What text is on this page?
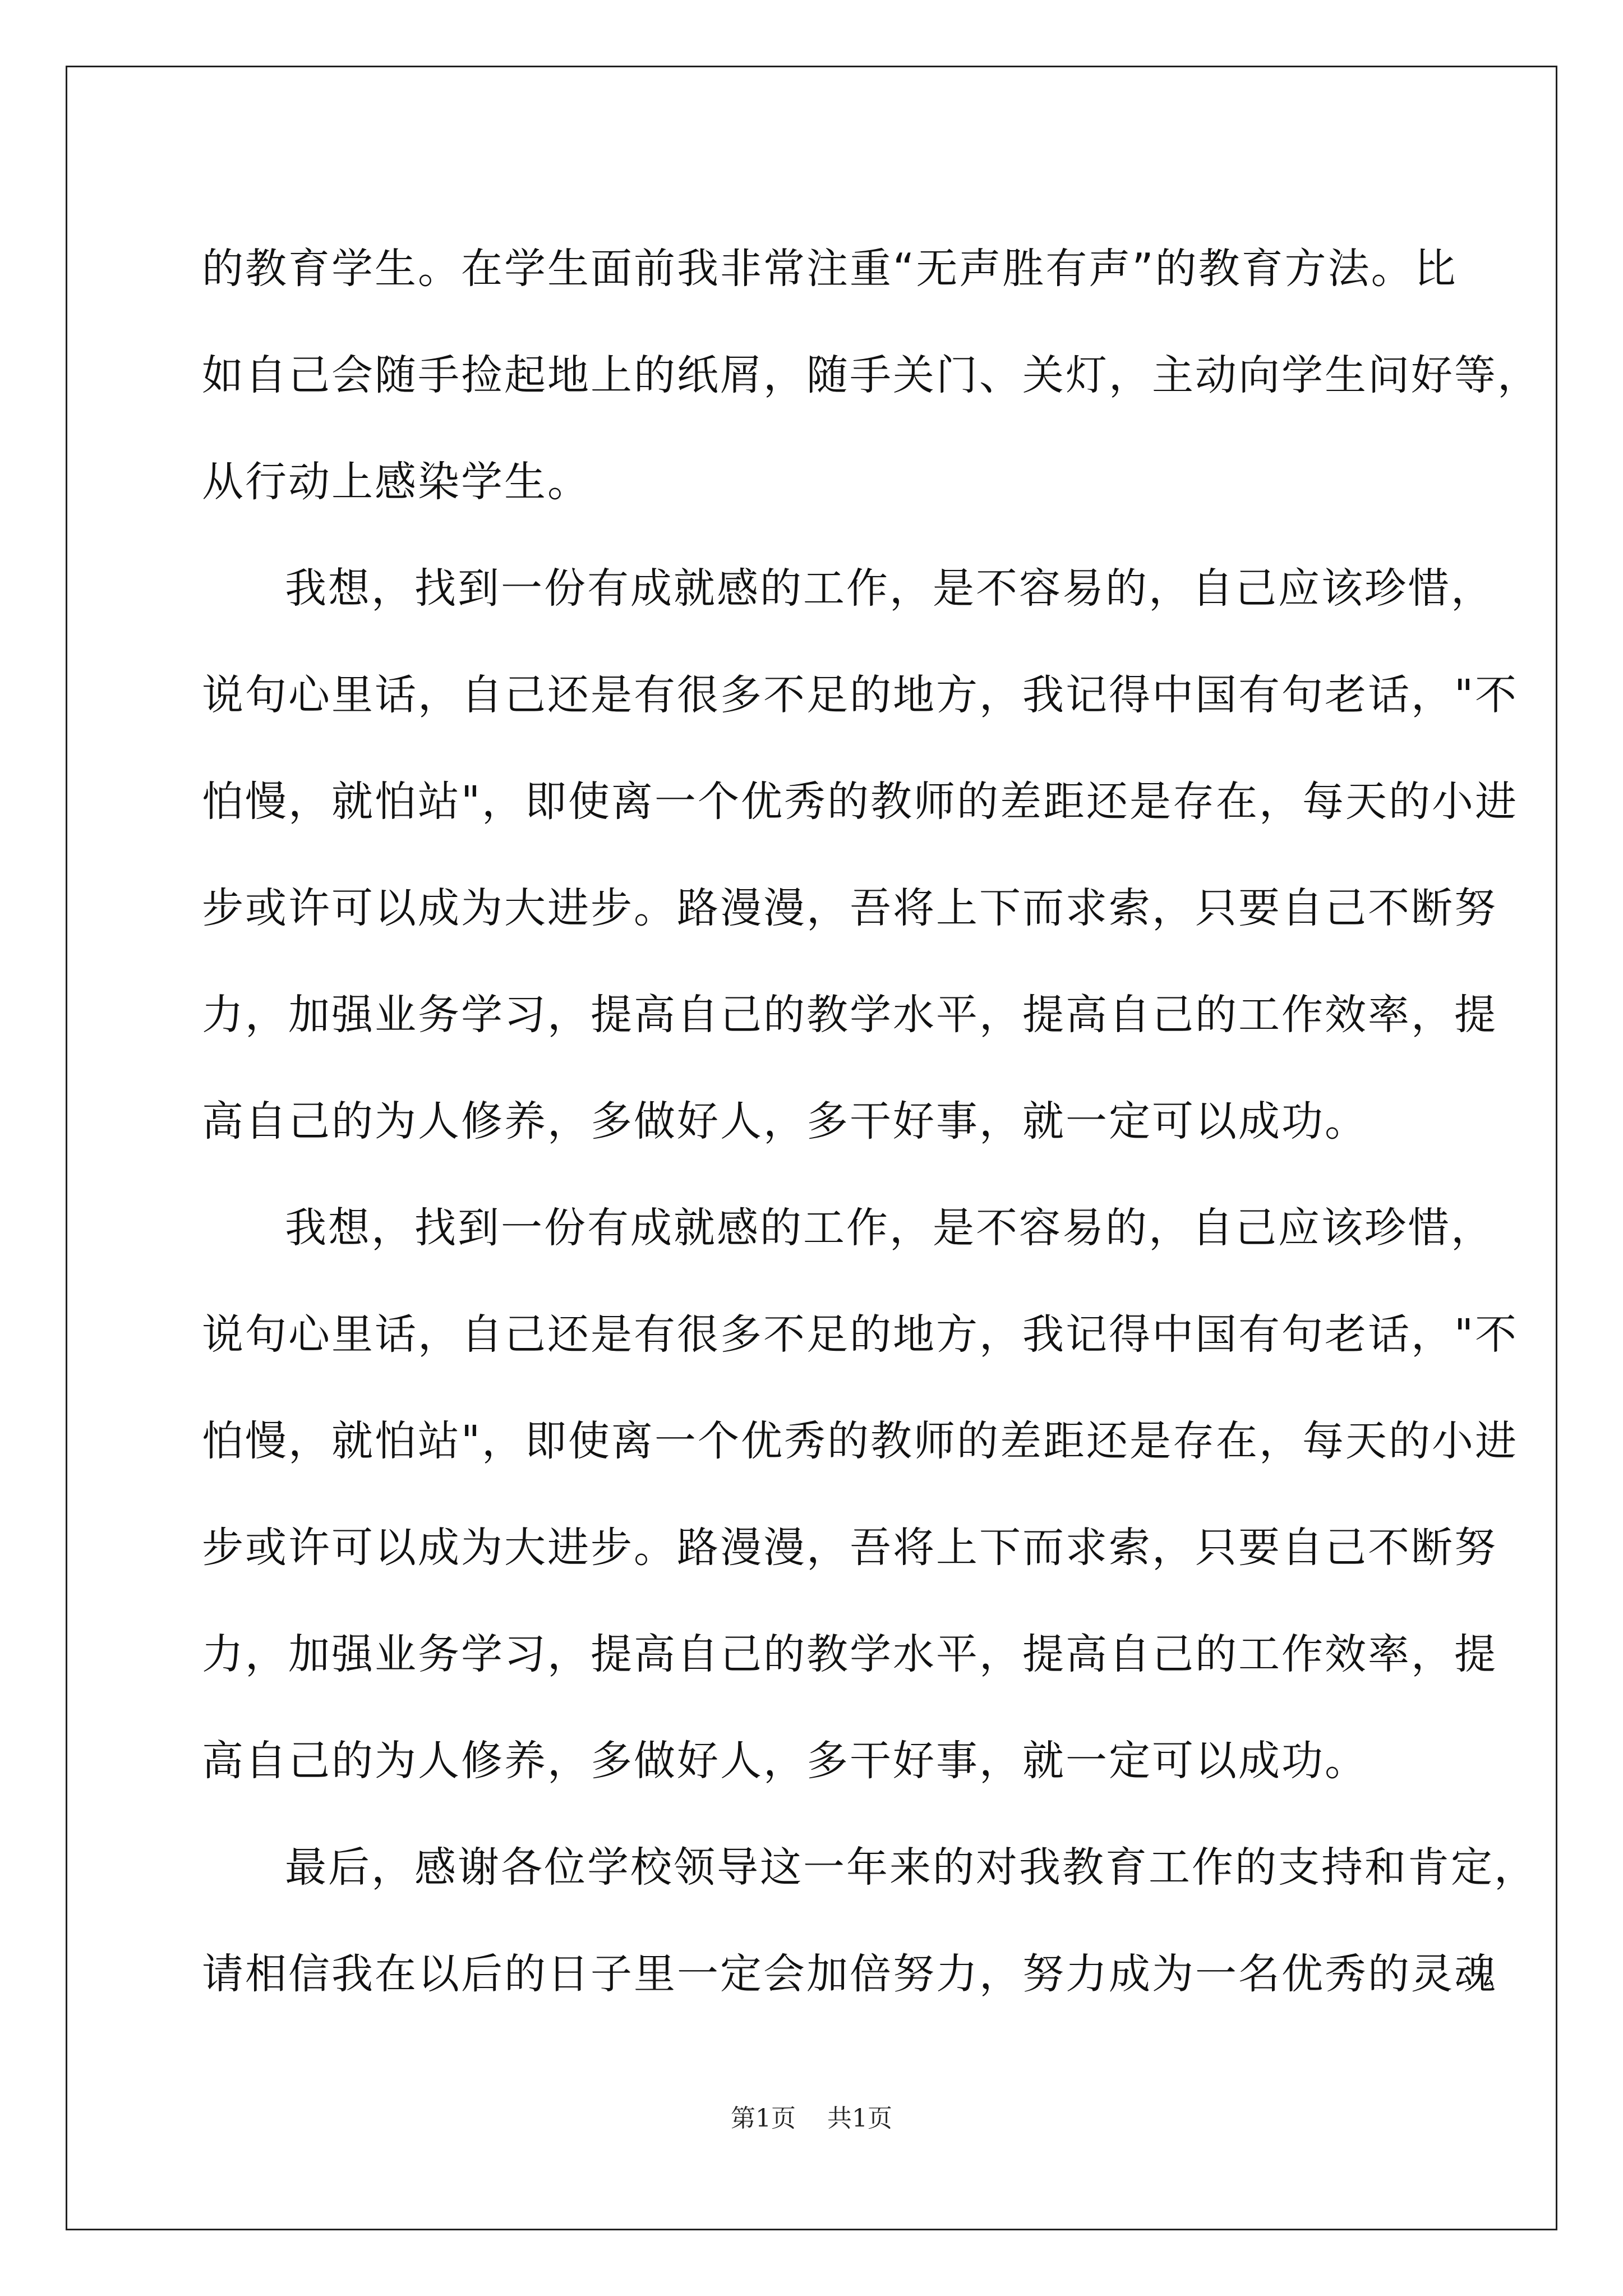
的教育学生。在学生面前我非常注重“无声胜有声”的教育方法。比
如自己会随手捡起地上的纸屑，随手关门、关灯，主动向学生问好等，
从行动上感染学生。
我想，找到一份有成就感的工作，是不容易的，自己应该珍惜，
说句心里话，自己还是有很多不足的地方，我记得中国有句老话，"不
怕慢，就怕站"，即使离一个优秀的教师的差距还是存在，每天的小进
步或许可以成为大进步。路漫漫，吾将上下而求索，只要自己不断努
力，加强业务学习，提高自己的教学水平，提高自己的工作效率，提
高自己的为人修养，多做好人，多干好事，就一定可以成功。
我想，找到一份有成就感的工作，是不容易的，自己应该珍惜，
说句心里话，自己还是有很多不足的地方，我记得中国有句老话，"不
怕慢，就怕站"，即使离一个优秀的教师的差距还是存在，每天的小进
步或许可以成为大进步。路漫漫，吾将上下而求索，只要自己不断努
力，加强业务学习，提高自己的教学水平，提高自己的工作效率，提
高自己的为人修养，多做好人，多干好事，就一定可以成功。
最后，感谢各位学校领导这一年来的对我教育工作的支持和肯定，
请相信我在以后的日子里一定会加倍努力，努力成为一名优秀的灵魂
第1页 共1页
